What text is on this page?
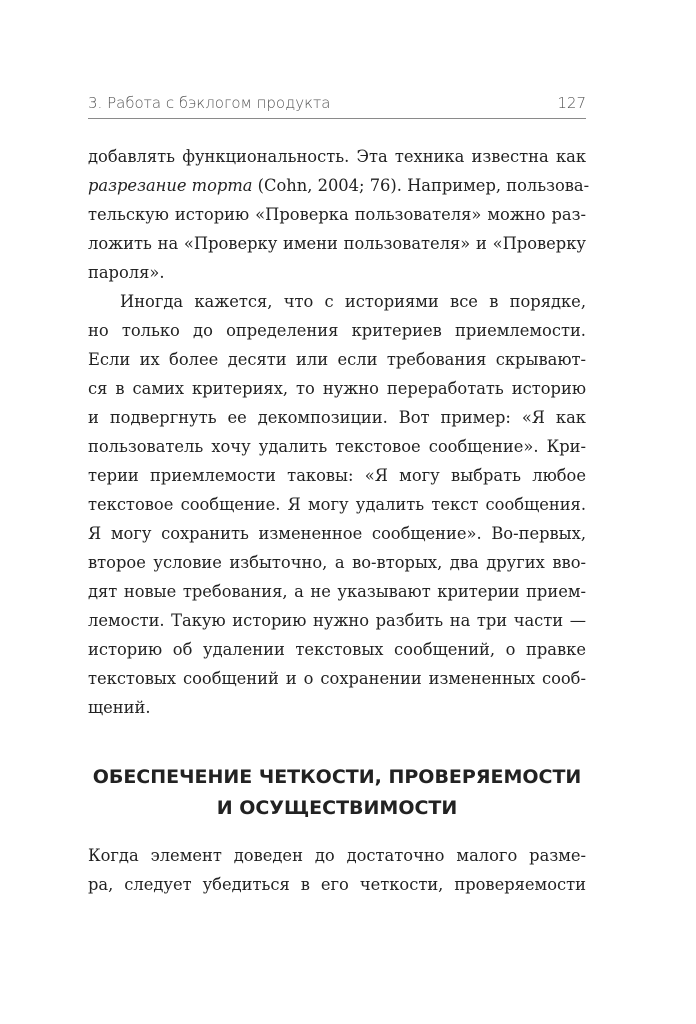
3. Работа с бэклогом продукта	127
добавлять функциональность. Эта техника известна как
разрезание торта (Cohn, 2004; 76). Например, пользова-
тельскую историю «Проверка пользователя» можно раз-
ложить на «Проверку имени пользователя» и «Проверку
пароля».
Иногда кажется, что с историями все в порядке,
но только до определения критериев приемлемости.
Если их более десяти или если требования скрывают-
ся в самих критериях, то нужно переработать историю
и подвергнуть ее декомпозиции. Вот пример: «Я как
пользователь хочу удалить текстовое сообщение». Кри-
терии приемлемости таковы: «Я могу выбрать любое
текстовое сообщение. Я могу удалить текст сообщения.
Я могу сохранить измененное сообщение». Во-первых,
второе условие избыточно, а во-вторых, два других вво-
дят новые требования, а не указывают критерии прием-
лемости. Такую историю нужно разбить на три части —
историю об удалении текстовых сообщений, о правке
текстовых сообщений и о сохранении измененных сооб-
щений.
ОБЕСПЕЧЕНИЕ ЧЕТКОСТИ, ПРОВЕРЯЕМОСТИ
И ОСУЩЕСТВИМОСТИ
Когда элемент доведен до достаточно малого разме-
ра, следует убедиться в его четкости, проверяемости
